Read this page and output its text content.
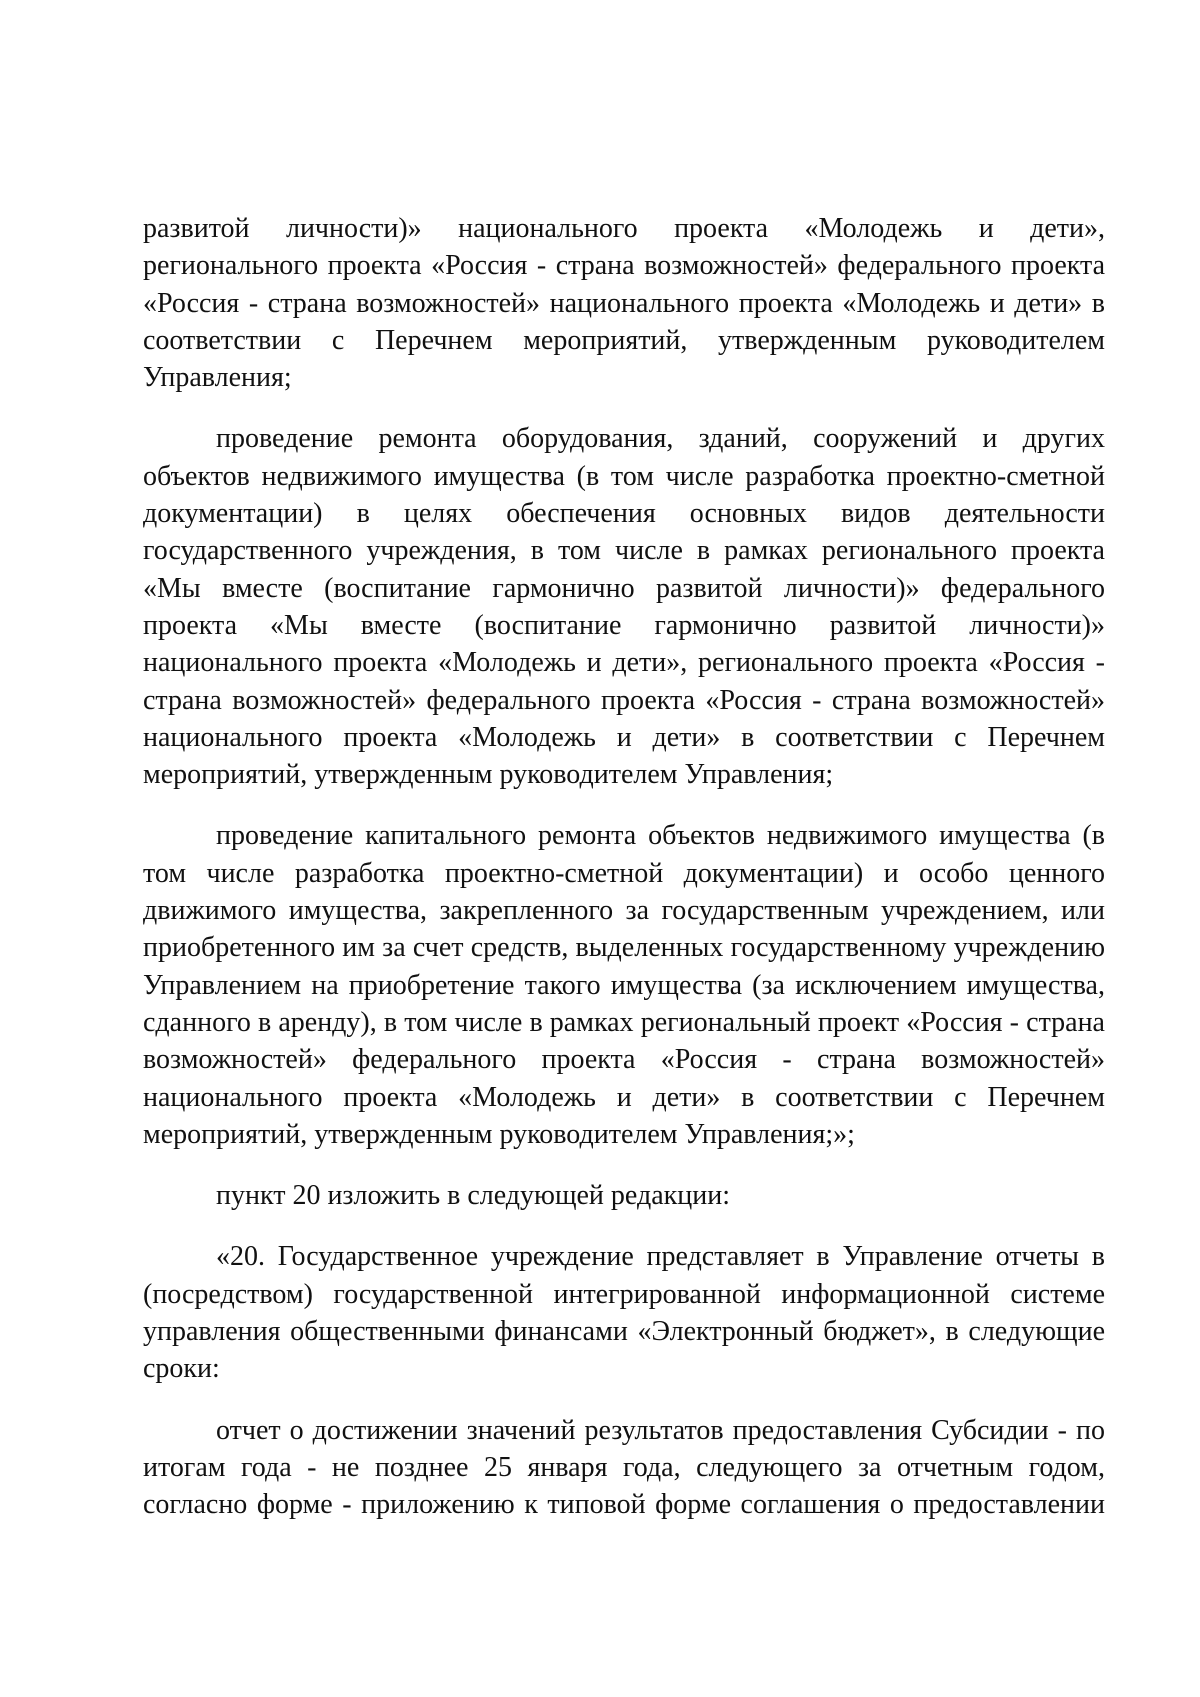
развитой личности)» национального проекта «Молодежь и дети», регионального проекта «Россия - страна возможностей» федерального проекта «Россия - страна возможностей» национального проекта «Молодежь и дети» в соответствии с Перечнем мероприятий, утвержденным руководителем Управления;

проведение ремонта оборудования, зданий, сооружений и других объектов недвижимого имущества (в том числе разработка проектно-сметной документации) в целях обеспечения основных видов деятельности государственного учреждения, в том числе в рамках регионального проекта «Мы вместе (воспитание гармонично развитой личности)» федерального проекта «Мы вместе (воспитание гармонично развитой личности)» национального проекта «Молодежь и дети», регионального проекта «Россия - страна возможностей» федерального проекта «Россия - страна возможностей» национального проекта «Молодежь и дети» в соответствии с Перечнем мероприятий, утвержденным руководителем Управления;

проведение капитального ремонта объектов недвижимого имущества (в том числе разработка проектно-сметной документации) и особо ценного движимого имущества, закрепленного за государственным учреждением, или приобретенного им за счет средств, выделенных государственному учреждению Управлением на приобретение такого имущества (за исключением имущества, сданного в аренду), в том числе в рамках региональный проект «Россия - страна возможностей» федерального проекта «Россия - страна возможностей» национального проекта «Молодежь и дети» в соответствии с Перечнем мероприятий, утвержденным руководителем Управления;»;

пункт 20 изложить в следующей редакции:

«20. Государственное учреждение представляет в Управление отчеты в (посредством) государственной интегрированной информационной системе управления общественными финансами «Электронный бюджет», в следующие сроки:

отчет о достижении значений результатов предоставления Субсидии - по итогам года - не позднее 25 января года, следующего за отчетным годом, согласно форме - приложению к типовой форме соглашения о предоставлении
